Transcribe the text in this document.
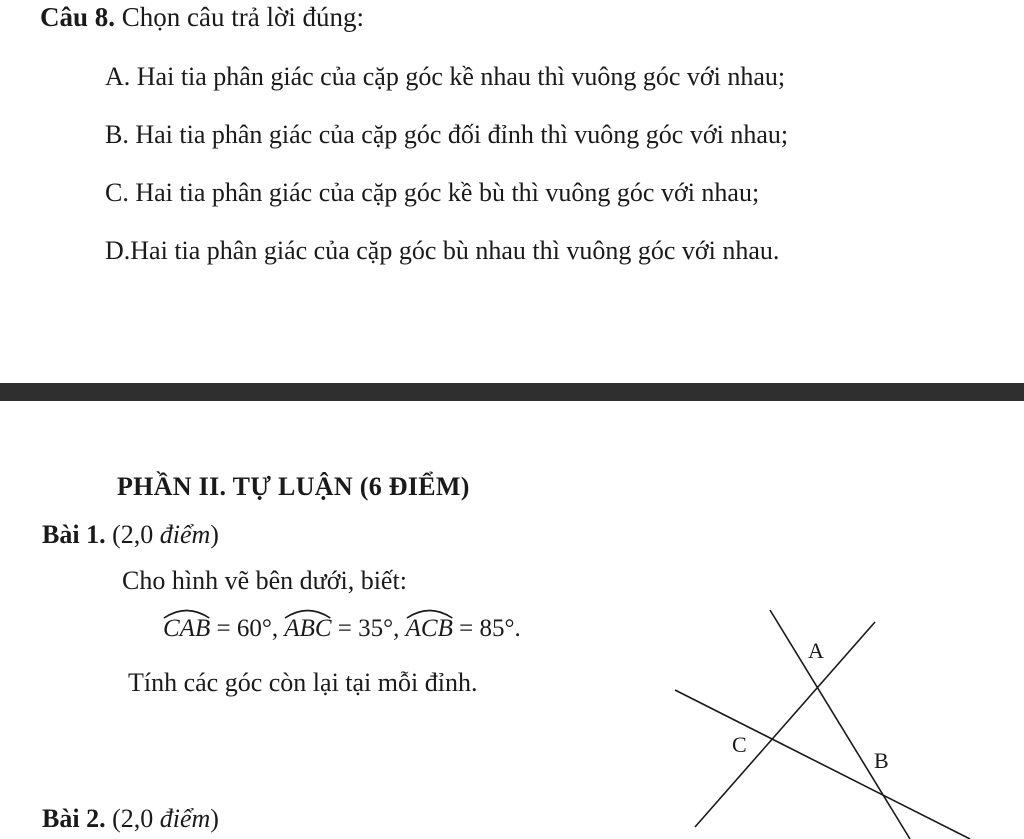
Câu 8. Chọn câu trả lời đúng:
A. Hai tia phân giác của cặp góc kề nhau thì vuông góc với nhau;
B. Hai tia phân giác của cặp góc đối đỉnh thì vuông góc với nhau;
C. Hai tia phân giác của cặp góc kề bù thì vuông góc với nhau;
D.Hai tia phân giác của cặp góc bù nhau thì vuông góc với nhau.
PHẦN II. TỰ LUẬN (6 ĐIỂM)
Bài 1. (2,0 điểm)
Cho hình vẽ bên dưới, biết:
CAB = 60°,
ABC = 35°,
ACB = 85°.
Tính các góc còn lại tại mỗi đỉnh.
A
C
B
Bài 2. (2,0 điểm)
